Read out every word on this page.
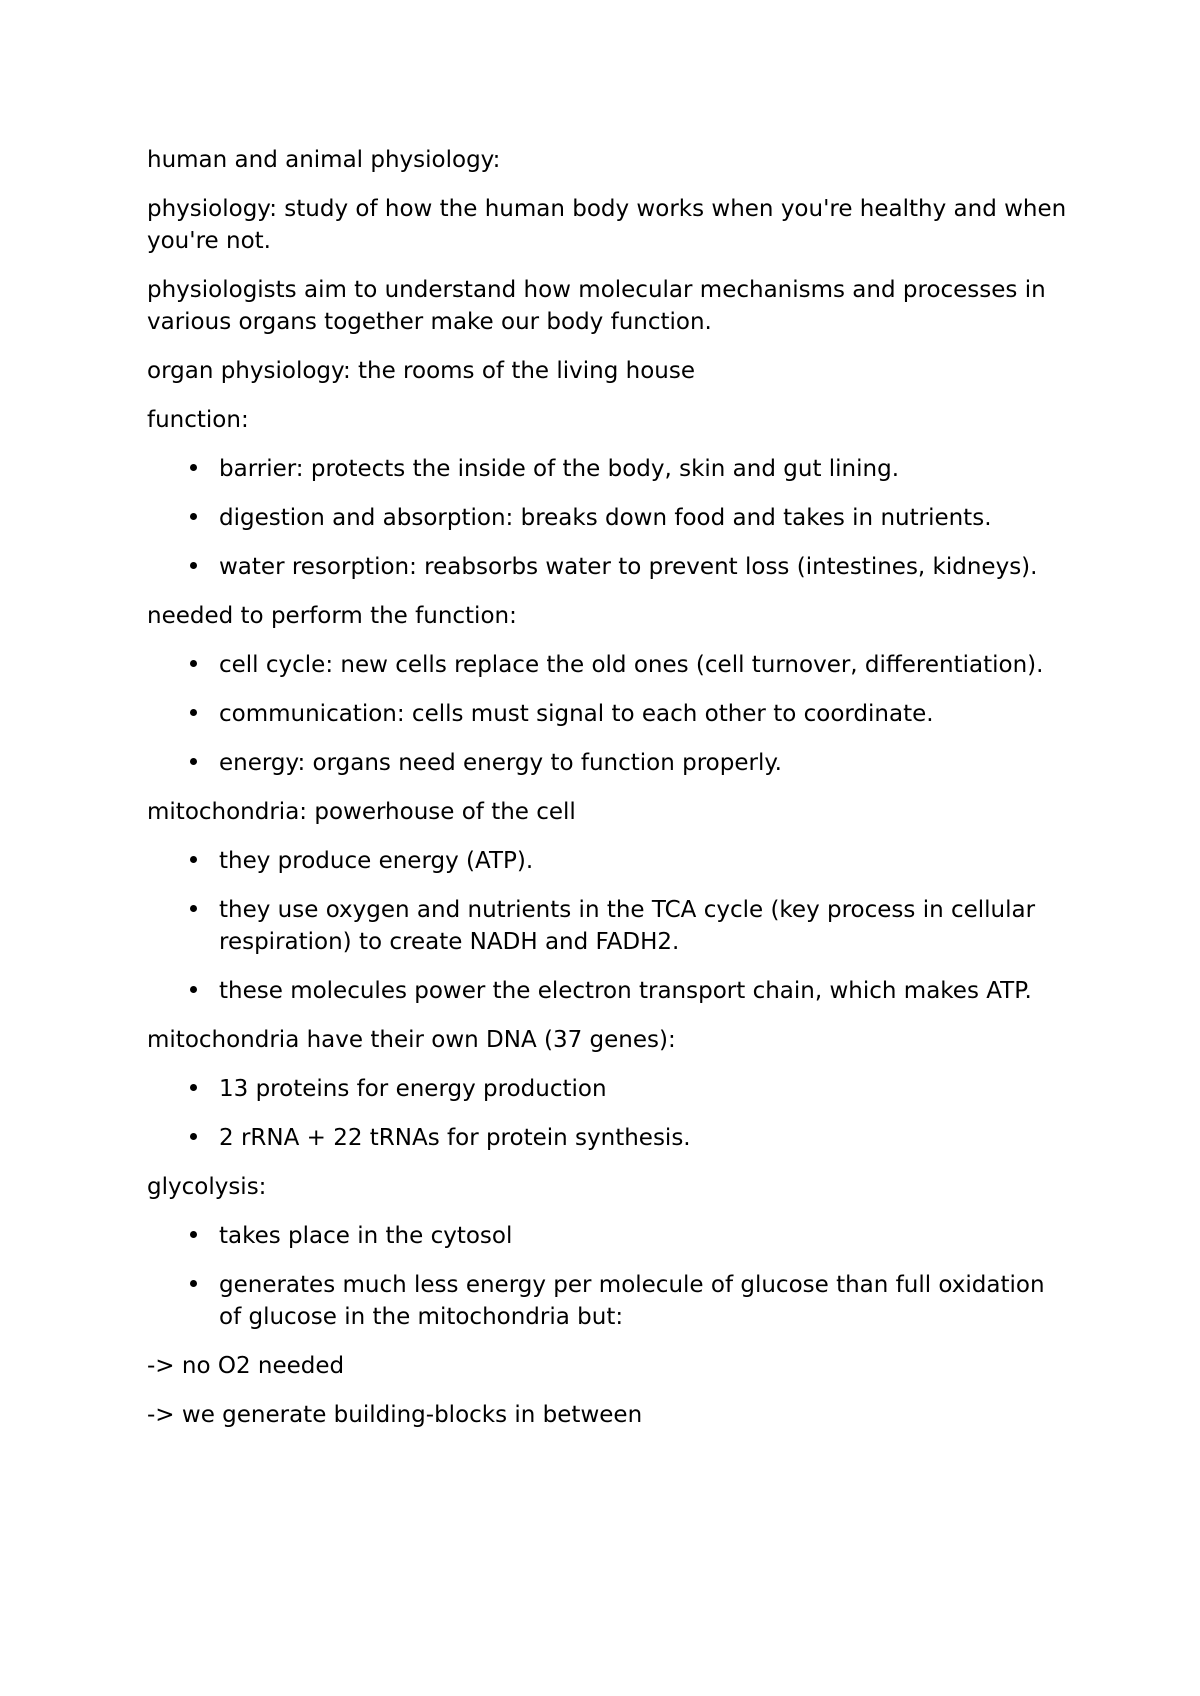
human and animal physiology:

physiology: study of how the human body works when you're healthy and when you're not.

physiologists aim to understand how molecular mechanisms and processes in various organs together make our body function.

organ physiology: the rooms of the living house

function:

barrier: protects the inside of the body, skin and gut lining.
digestion and absorption: breaks down food and takes in nutrients.
water resorption: reabsorbs water to prevent loss (intestines, kidneys).

needed to perform the function:

cell cycle: new cells replace the old ones (cell turnover, differentiation).
communication: cells must signal to each other to coordinate.
energy: organs need energy to function properly.

mitochondria: powerhouse of the cell

they produce energy (ATP).
they use oxygen and nutrients in the TCA cycle (key process in cellular respiration) to create NADH and FADH2.
these molecules power the electron transport chain, which makes ATP.

mitochondria have their own DNA (37 genes):

13 proteins for energy production
2 rRNA + 22 tRNAs for protein synthesis.

glycolysis:

takes place in the cytosol
generates much less energy per molecule of glucose than full oxidation of glucose in the mitochondria but:

-> no O2 needed

-> we generate building-blocks in between
